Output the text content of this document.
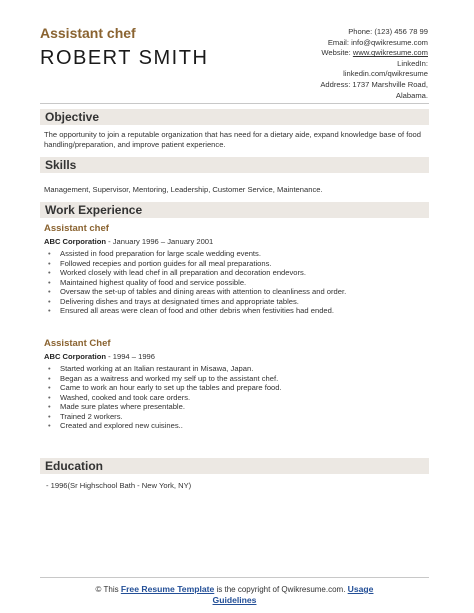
Assistant chef
ROBERT SMITH
Phone: (123) 456 78 99
Email: info@qwikresume.com
Website: www.qwikresume.com
LinkedIn:
linkedin.com/qwikresume
Address: 1737 Marshville Road,
Alabama.
Objective
The opportunity to join a reputable organization that has need for a dietary aide, expand knowledge base of food handling/preparation, and improve patient experience.
Skills
Management, Supervisor, Mentoring, Leadership, Customer Service, Maintenance.
Work Experience
Assistant chef
ABC Corporation - January 1996 – January 2001
• Assisted in food preparation for large scale wedding events.
• Followed recepies and portion guides for all meal preparations.
• Worked closely with lead chef in all preparation and decoration endevors.
• Maintained highest quality of food and service possible.
• Oversaw the set-up of tables and dining areas with attention to cleanliness and order.
• Delivering dishes and trays at designated times and appropriate tables.
• Ensured all areas were clean of food and other debris when festivities had ended.
Assistant Chef
ABC Corporation - 1994 – 1996
• Started working at an Italian restaurant in Misawa, Japan.
• Began as a waitress and worked my self up to the assistant chef.
• Came to work an hour early to set up the tables and prepare food.
• Washed, cooked and took care orders.
• Made sure plates where presentable.
• Trained 2 workers.
• Created and explored new cuisines..
Education
- 1996(Sr Highschool Bath - New York, NY)
© This Free Resume Template is the copyright of Qwikresume.com. Usage
Guidelines
